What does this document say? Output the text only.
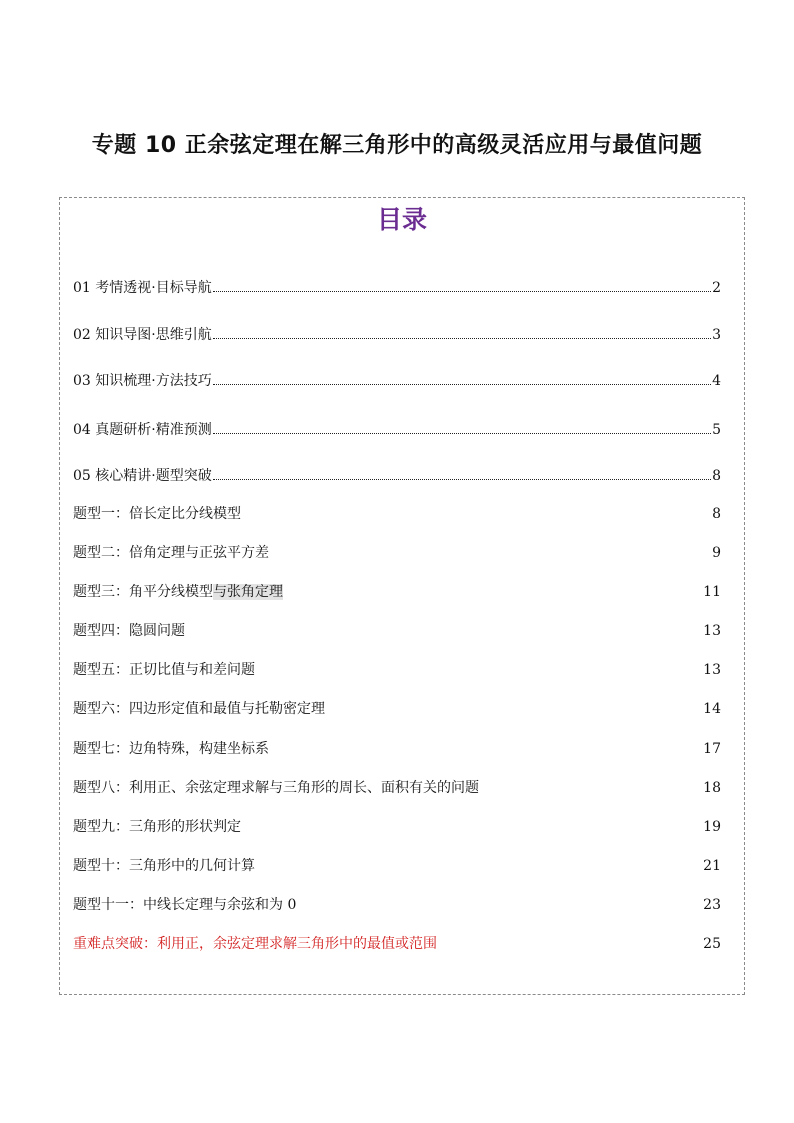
专题 10 正余弦定理在解三角形中的高级灵活应用与最值问题
目录
01 考情透视·目标导航	2
02 知识导图·思维引航	3
03 知识梳理·方法技巧	4
04 真题研析·精准预测	5
05 核心精讲·题型突破	8
题型一：倍长定比分线模型	8
题型二：倍角定理与正弦平方差	9
题型三：角平分线模型与张角定理	11
题型四：隐圆问题	13
题型五：正切比值与和差问题	13
题型六：四边形定值和最值与托勒密定理	14
题型七：边角特殊，构建坐标系	17
题型八：利用正、余弦定理求解与三角形的周长、面积有关的问题	18
题型九：三角形的形状判定	19
题型十：三角形中的几何计算	21
题型十一：中线长定理与余弦和为 0	23
重难点突破：利用正，余弦定理求解三角形中的最值或范围	25
